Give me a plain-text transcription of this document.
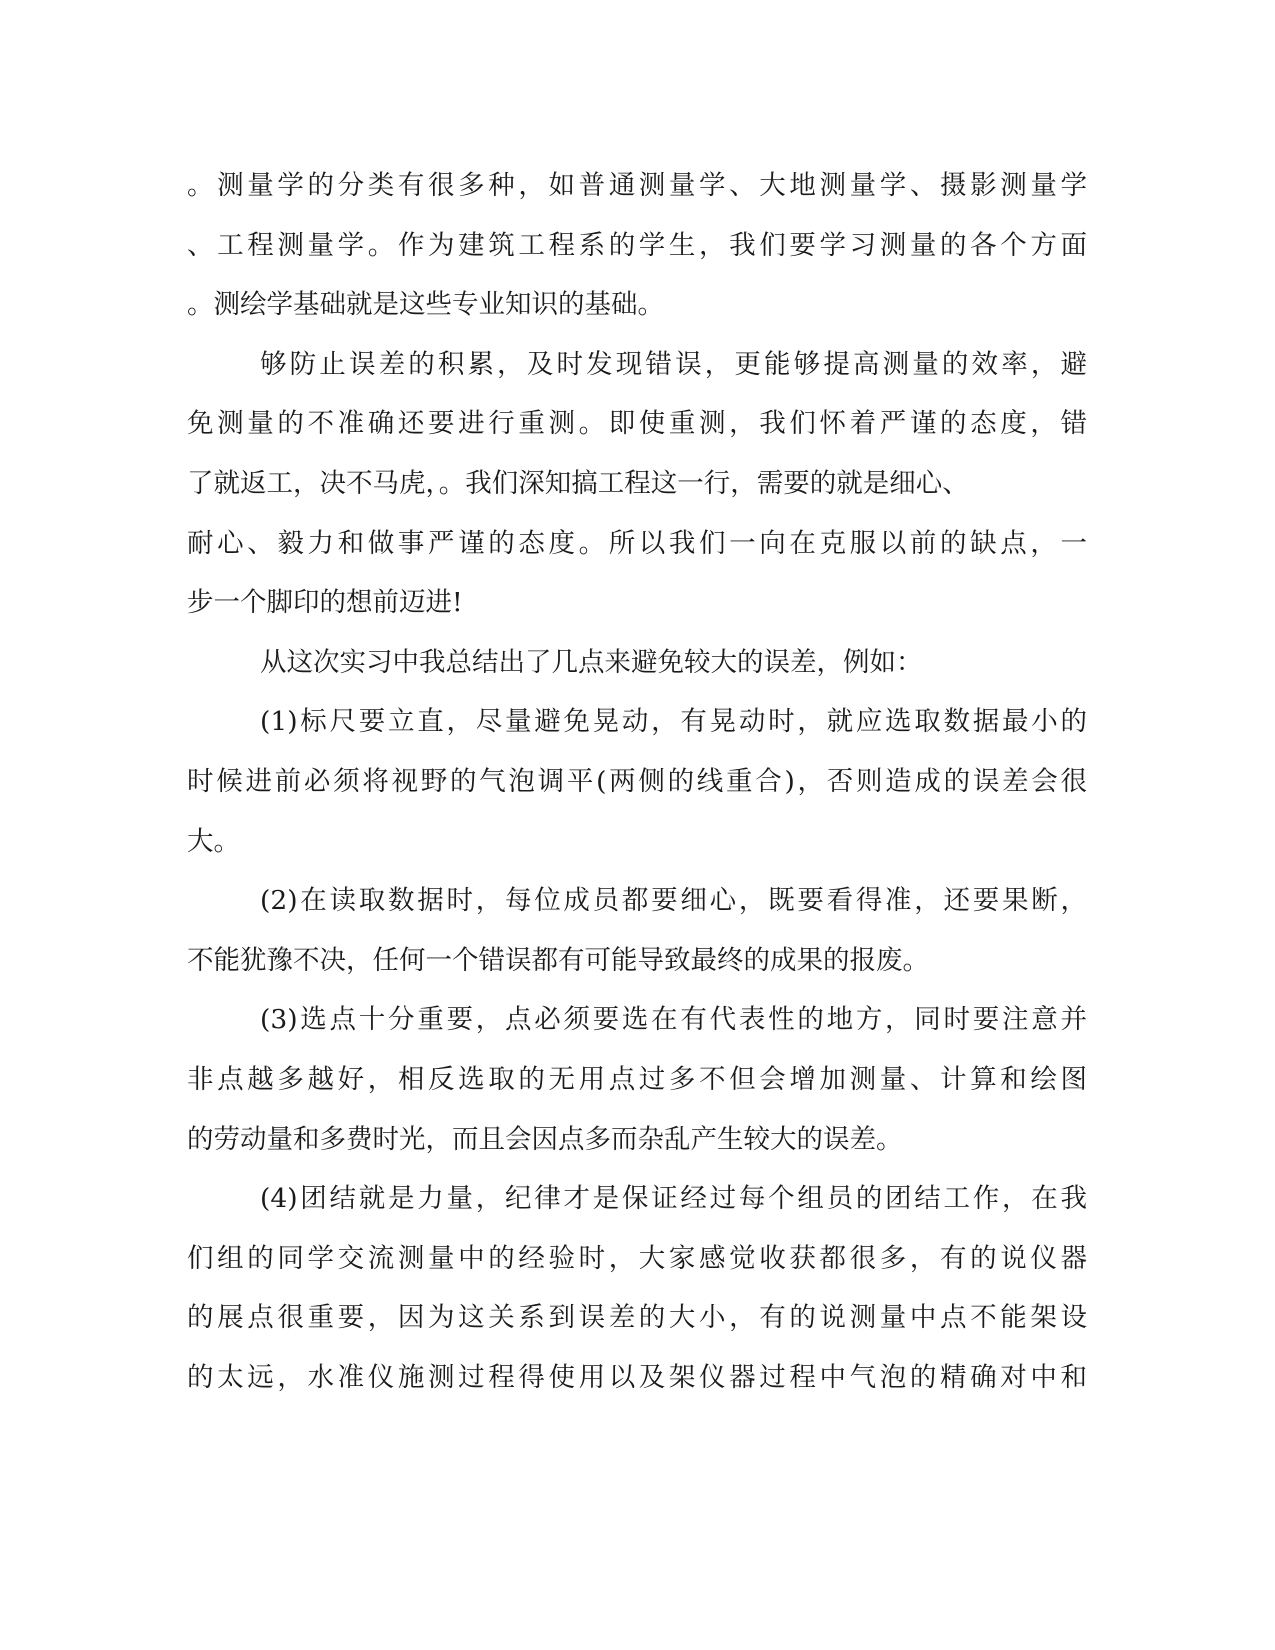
。测量学的分类有很多种，如普通测量学、大地测量学、摄影测量学
、工程测量学。作为建筑工程系的学生，我们要学习测量的各个方面
。测绘学基础就是这些专业知识的基础。
够防止误差的积累，及时发现错误，更能够提高测量的效率，避
免测量的不准确还要进行重测。即使重测，我们怀着严谨的态度，错
了就返工，决不马虎，。我们深知搞工程这一行，需要的就是细心、
耐心、毅力和做事严谨的态度。所以我们一向在克服以前的缺点，一
步一个脚印的想前迈进!
从这次实习中我总结出了几点来避免较大的误差，例如：
(1)标尺要立直，尽量避免晃动，有晃动时，就应选取数据最小的
时候进前必须将视野的气泡调平(两侧的线重合)，否则造成的误差会很
大。
(2)在读取数据时，每位成员都要细心，既要看得准，还要果断，
不能犹豫不决，任何一个错误都有可能导致最终的成果的报废。
(3)选点十分重要，点必须要选在有代表性的地方，同时要注意并
非点越多越好，相反选取的无用点过多不但会增加测量、计算和绘图
的劳动量和多费时光，而且会因点多而杂乱产生较大的误差。
(4)团结就是力量，纪律才是保证经过每个组员的团结工作，在我
们组的同学交流测量中的经验时，大家感觉收获都很多，有的说仪器
的展点很重要，因为这关系到误差的大小，有的说测量中点不能架设
的太远，水准仪施测过程得使用以及架仪器过程中气泡的精确对中和
